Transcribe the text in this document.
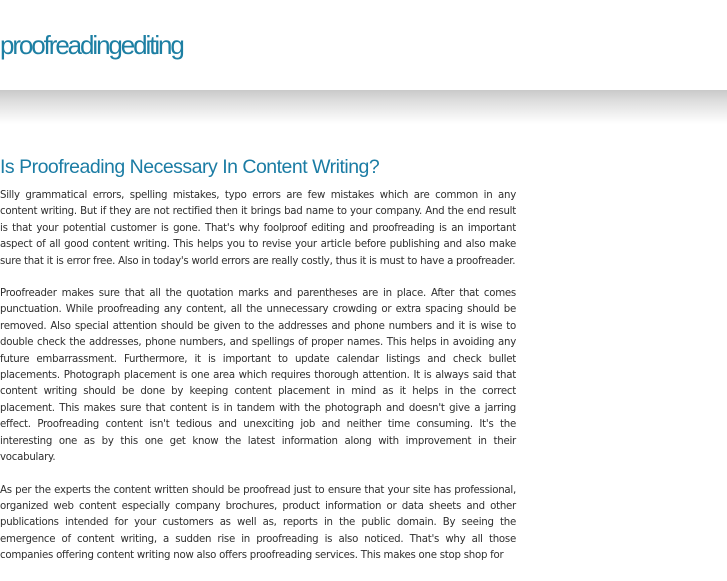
proofreadingediting
Is Proofreading Necessary In Content Writing?

Silly grammatical errors, spelling mistakes, typo errors are few mistakes which are common in any content writing. But if they are not rectified then it brings bad name to your company. And the end result is that your potential customer is gone. That's why foolproof editing and proofreading is an important aspect of all good content writing. This helps you to revise your article before publishing and also make sure that it is error free. Also in today's world errors are really costly, thus it is must to have a proofreader.

Proofreader makes sure that all the quotation marks and parentheses are in place. After that comes punctuation. While proofreading any content, all the unnecessary crowding or extra spacing should be removed. Also special attention should be given to the addresses and phone numbers and it is wise to double check the addresses, phone numbers, and spellings of proper names. This helps in avoiding any future embarrassment. Furthermore, it is important to update calendar listings and check bullet placements. Photograph placement is one area which requires thorough attention. It is always said that content writing should be done by keeping content placement in mind as it helps in the correct placement. This makes sure that content is in tandem with the photograph and doesn't give a jarring effect. Proofreading content isn't tedious and unexciting job and neither time consuming. It's the interesting one as by this one get know the latest information along with improvement in their vocabulary.

As per the experts the content written should be proofread just to ensure that your site has professional, organized web content especially company brochures, product information or data sheets and other publications intended for your customers as well as, reports in the public domain. By seeing the emergence of content writing, a sudden rise in proofreading is also noticed. That's why all those companies offering content writing now also offers proofreading services. This makes one stop shop for
